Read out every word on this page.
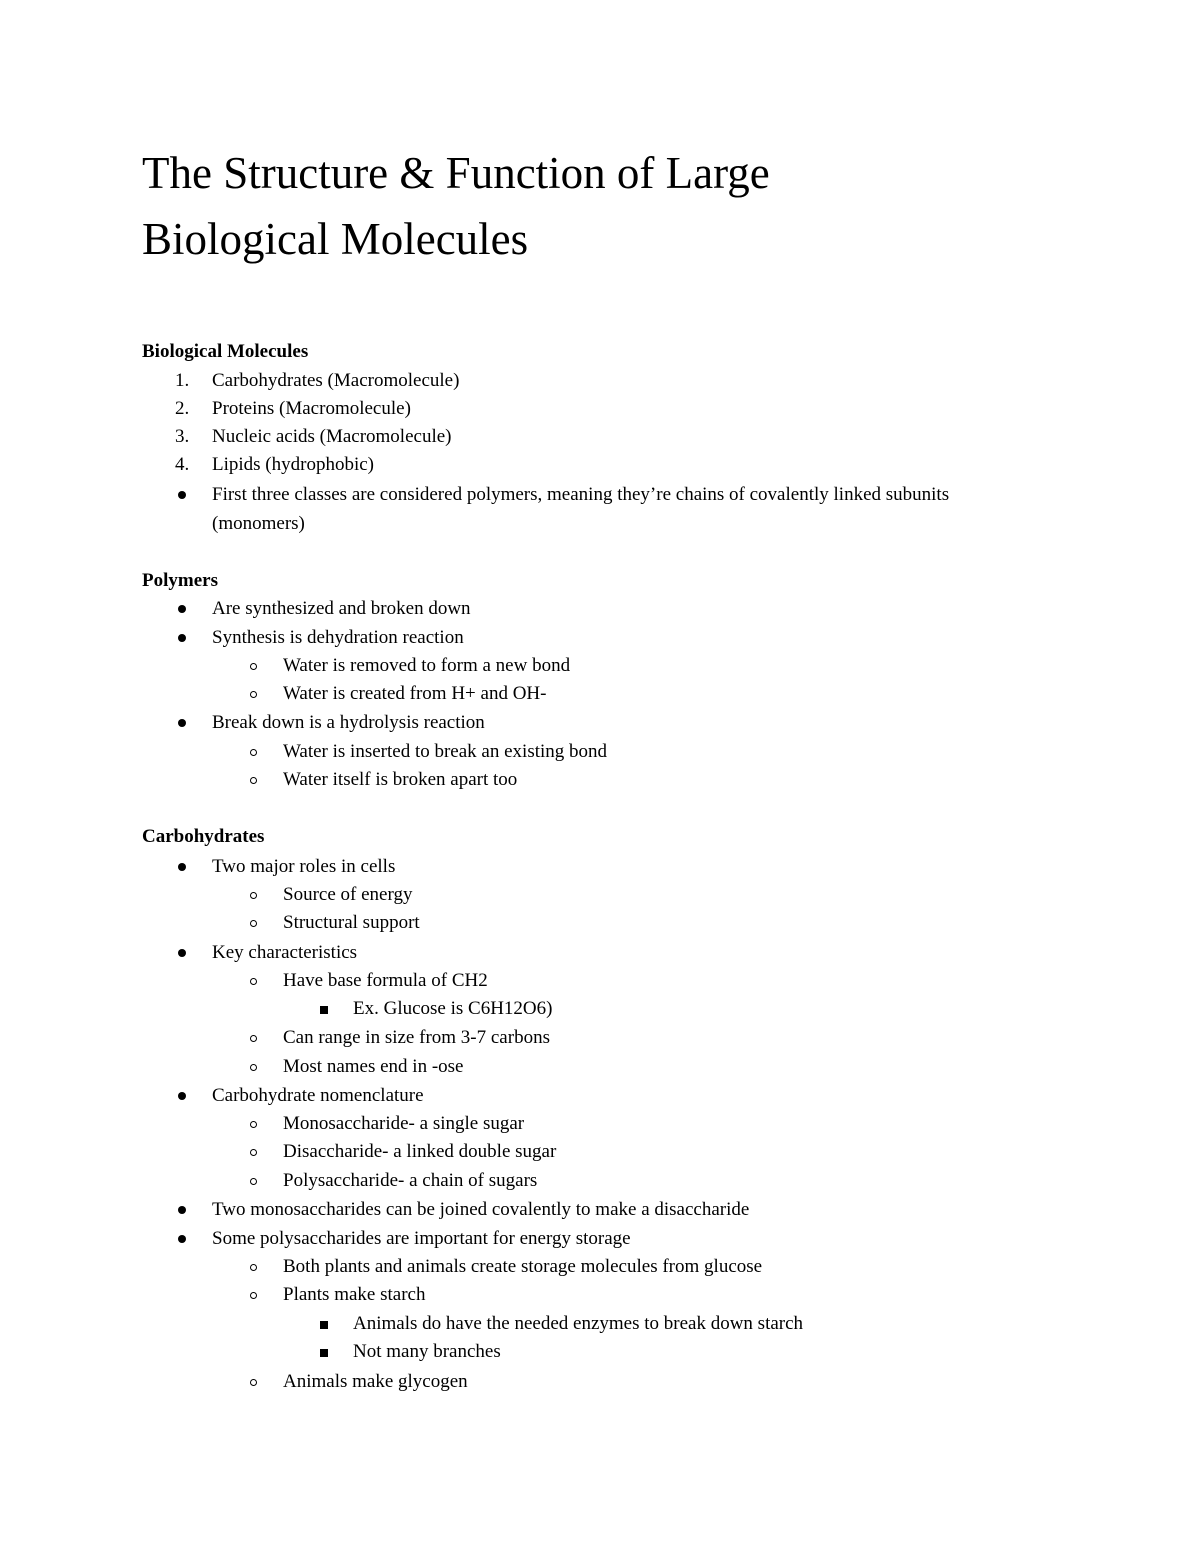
The Structure & Function of Large
Biological Molecules
Biological Molecules
1. Carbohydrates (Macromolecule)
2. Proteins (Macromolecule)
3. Nucleic acids (Macromolecule)
4. Lipids (hydrophobic)
First three classes are considered polymers, meaning they’re chains of covalently linked subunits
(monomers)
Polymers
Are synthesized and broken down
Synthesis is dehydration reaction
Water is removed to form a new bond
Water is created from H+ and OH-
Break down is a hydrolysis reaction
Water is inserted to break an existing bond
Water itself is broken apart too
Carbohydrates
Two major roles in cells
Source of energy
Structural support
Key characteristics
Have base formula of CH2
Ex. Glucose is C6H12O6)
Can range in size from 3-7 carbons
Most names end in -ose
Carbohydrate nomenclature
Monosaccharide- a single sugar
Disaccharide- a linked double sugar
Polysaccharide- a chain of sugars
Two monosaccharides can be joined covalently to make a disaccharide
Some polysaccharides are important for energy storage
Both plants and animals create storage molecules from glucose
Plants make starch
Animals do have the needed enzymes to break down starch
Not many branches
Animals make glycogen
